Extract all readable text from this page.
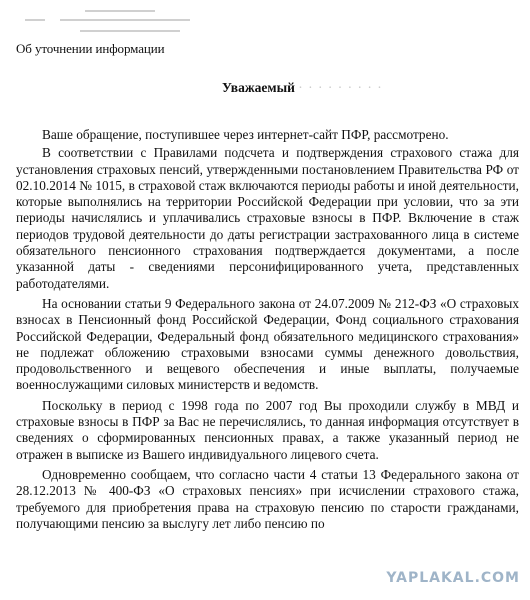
Об уточнении информации
Уважаемый · · · · · · · · ·

Ваше обращение, поступившее через интернет-сайт ПФР, рассмотрено.

В соответствии с Правилами подсчета и подтверждения страхового стажа для установления страховых пенсий, утвержденными постановлением Правительства РФ от 02.10.2014 № 1015, в страховой стаж включаются периоды работы и иной деятельности, которые выполнялись на территории Российской Федерации при условии, что за эти периоды начислялись и уплачивались страховые взносы в ПФР. Включение в стаж периодов трудовой деятельности до даты регистрации застрахованного лица в системе обязательного пенсионного страхования подтверждается документами, а после указанной даты - сведениями персонифицированного учета, представленных работодателями.

На основании статьи 9 Федерального закона от 24.07.2009 № 212-ФЗ «О страховых взносах в Пенсионный фонд Российской Федерации, Фонд социального страхования Российской Федерации, Федеральный фонд обязательного медицинского страхования» не подлежат обложению страховыми взносами суммы денежного довольствия, продовольственного и вещевого обеспечения и иные выплаты, получаемые военнослужащими силовых министерств и ведомств.

Поскольку в период с 1998 года по 2007 год Вы проходили службу в МВД и страховые взносы в ПФР за Вас не перечислялись, то данная информация отсутствует в сведениях о сформированных пенсионных правах, а также указанный период не отражен в выписке из Вашего индивидуального лицевого счета.

Одновременно сообщаем, что согласно части 4 статьи 13 Федерального закона от 28.12.2013 № 400-ФЗ «О страховых пенсиях» при исчислении страхового стажа, требуемого для приобретения права на страховую пенсию по старости гражданами, получающими пенсию за выслугу лет либо пенсию по

YAPLAKAL.COM
